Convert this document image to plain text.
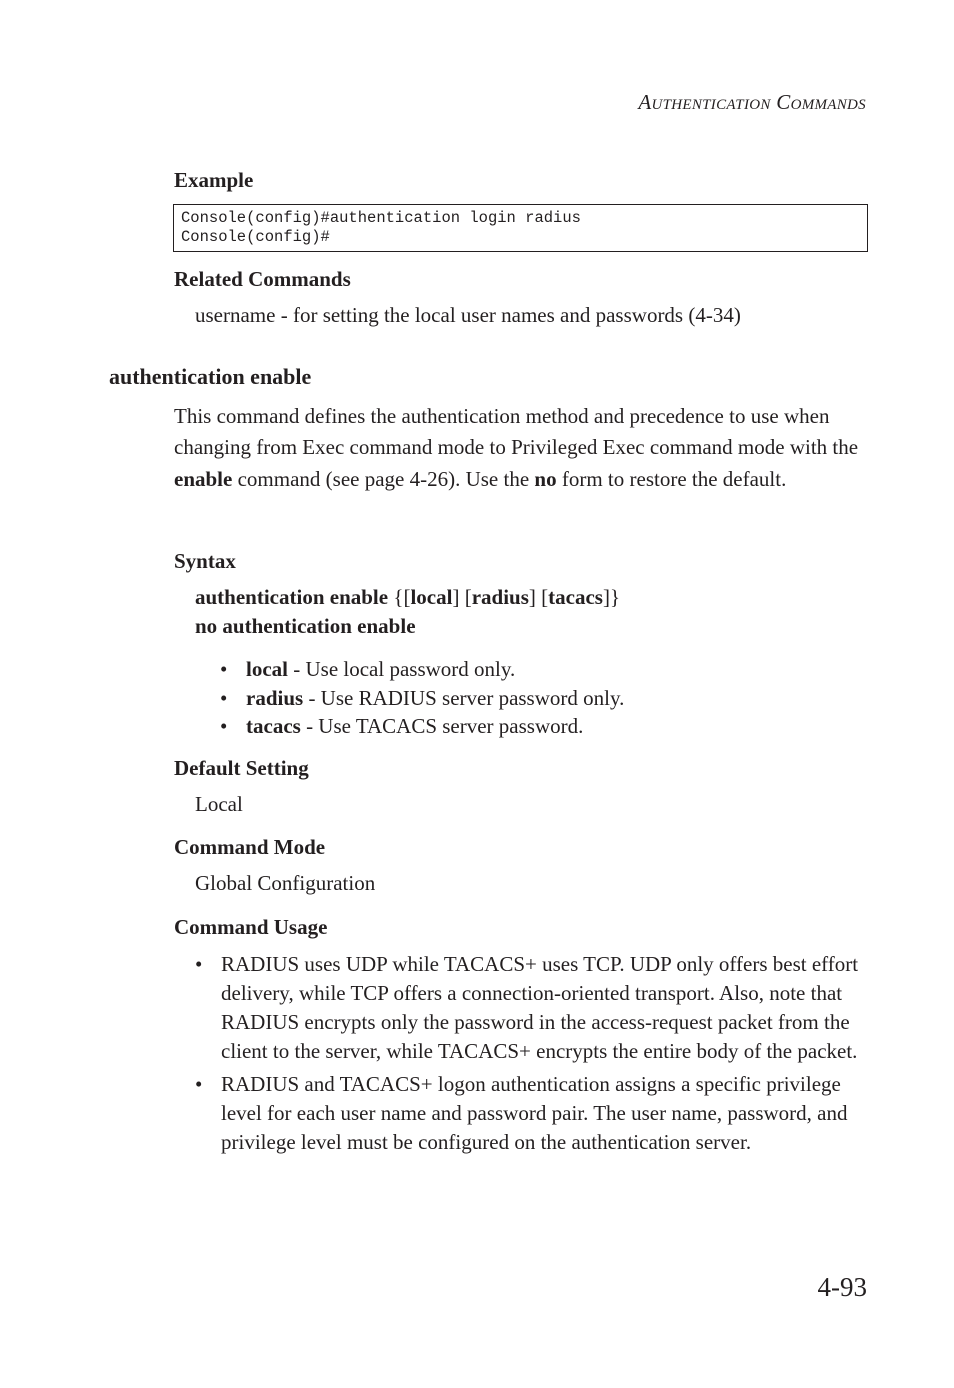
AUTHENTICATION COMMANDS
Example
Console(config)#authentication login radius
Console(config)#
Related Commands
username - for setting the local user names and passwords (4-34)
authentication enable
This command defines the authentication method and precedence to use when changing from Exec command mode to Privileged Exec command mode with the enable command (see page 4-26). Use the no form to restore the default.
Syntax
authentication enable {[local] [radius] [tacacs]}
no authentication enable
• local - Use local password only.
• radius - Use RADIUS server password only.
• tacacs - Use TACACS server password.
Default Setting
Local
Command Mode
Global Configuration
Command Usage
• RADIUS uses UDP while TACACS+ uses TCP. UDP only offers best effort delivery, while TCP offers a connection-oriented transport. Also, note that RADIUS encrypts only the password in the access-request packet from the client to the server, while TACACS+ encrypts the entire body of the packet.
• RADIUS and TACACS+ logon authentication assigns a specific privilege level for each user name and password pair. The user name, password, and privilege level must be configured on the authentication server.
4-93
